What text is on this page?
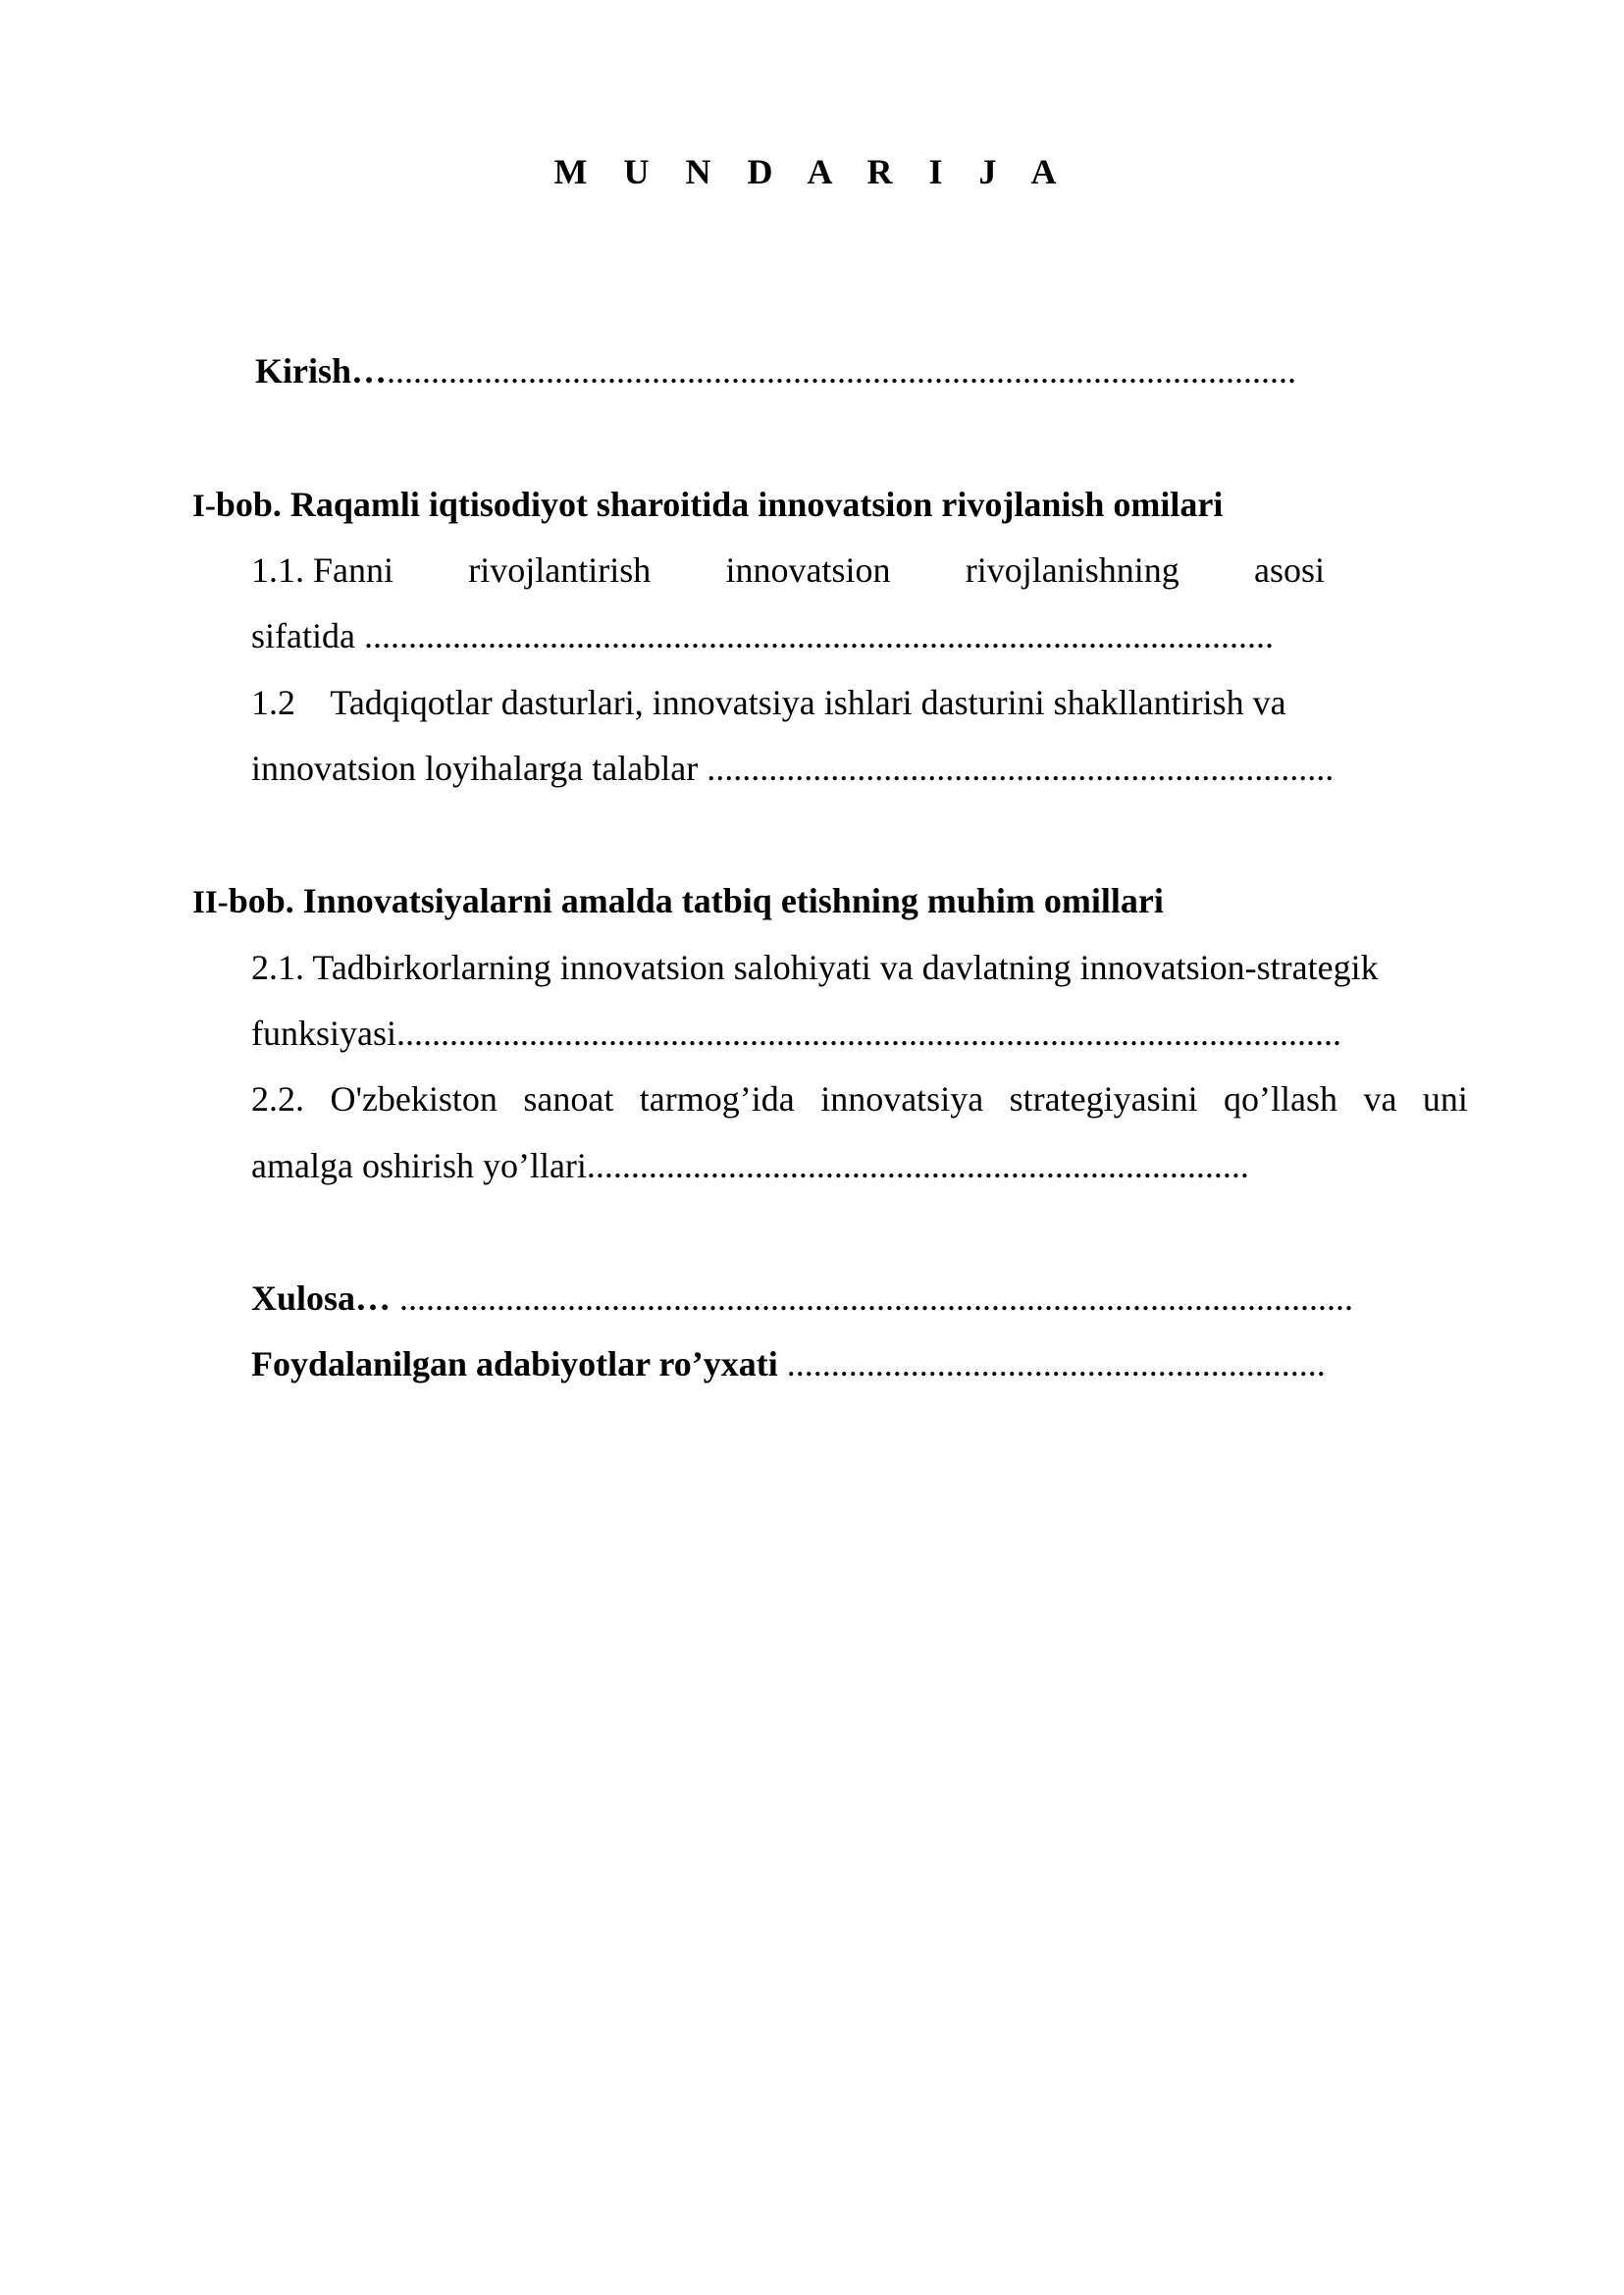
M U N D A R I J A
Kirish….......................................................................................................
I-bob. Raqamli iqtisodiyot sharoitida innovatsion rivojlanish omilari
1.1. Fanni rivojlantirish innovatsion rivojlanishning asosi
sifatida .......................................................................................................
1.2    Tadqiqotlar dasturlari, innovatsiya ishlari dasturini shakllantirish va
innovatsion loyihalarga talablar .......................................................................
II-bob. Innovatsiyalarni amalda tatbiq etishning muhim omillari
2.1. Tadbirkorlarning innovatsion salohiyati va davlatning innovatsion-strategik
funksiyasi...........................................................................................................
2.2. O'zbekiston sanoat tarmog’ida innovatsiya strategiyasini qo’llash va uni
amalga oshirish yo’llari...........................................................................
Xulosa… ............................................................................................................
Foydalanilgan adabiyotlar ro’yxati .............................................................
